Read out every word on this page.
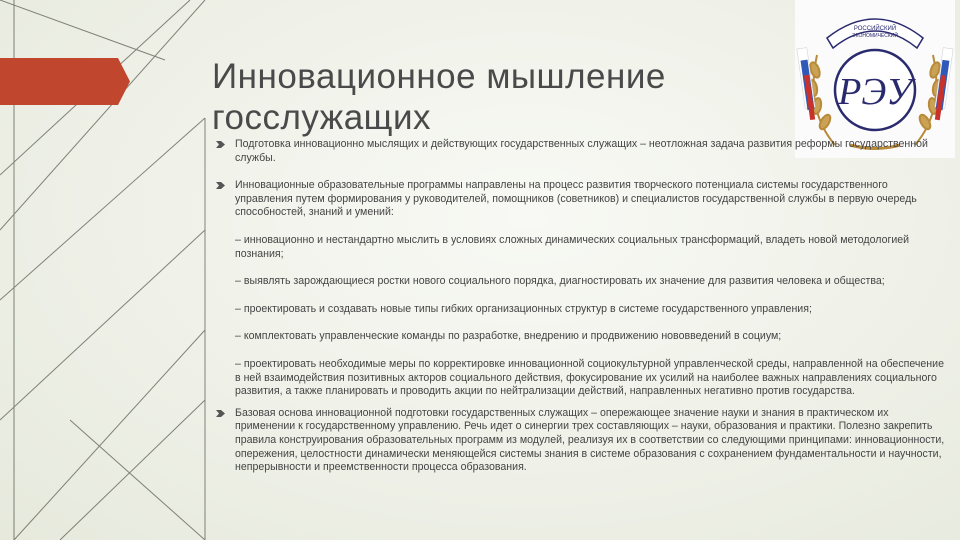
Инновационное мышление
госслужащих
РОССИЙСКИЙ
ЭКОНОМИЧЕСКИЙ
РЭУ

Подготовка инновационно мыслящих и действующих государственных служащих – неотложная задача развития реформы государственной службы.

Инновационные образовательные программы направлены на процесс развития творческого потенциала системы государственного управления путем формирования у руководителей, помощников (советников) и специалистов государственной службы в первую очередь способностей, знаний и умений:

– инновационно и нестандартно мыслить в условиях сложных динамических социальных трансформаций, владеть новой методологией познания;

– выявлять зарождающиеся ростки нового социального порядка, диагностировать их значение для развития человека и общества;

– проектировать и создавать новые типы гибких организационных структур в системе государственного управления;

– комплектовать управленческие команды по разработке, внедрению и продвижению нововведений в социум;

– проектировать необходимые меры по корректировке инновационной социокультурной управленческой среды, направленной на обеспечение в ней взаимодействия позитивных акторов социального действия, фокусирование их усилий на наиболее важных направлениях социального развития, а также планировать и проводить акции по нейтрализации действий, направленных негативно против государства.

Базовая основа инновационной подготовки государственных служащих – опережающее значение науки и знания в практическом их применении к государственному управлению. Речь идет о синергии трех составляющих – науки, образования и практики. Полезно закрепить правила конструирования образовательных программ из модулей, реализуя их в соответствии со следующими принципами: инновационности, опережения, целостности динамически меняющейся системы знания в системе образования с сохранением фундаментальности и научности, непрерывности и преемственности процесса образования.
